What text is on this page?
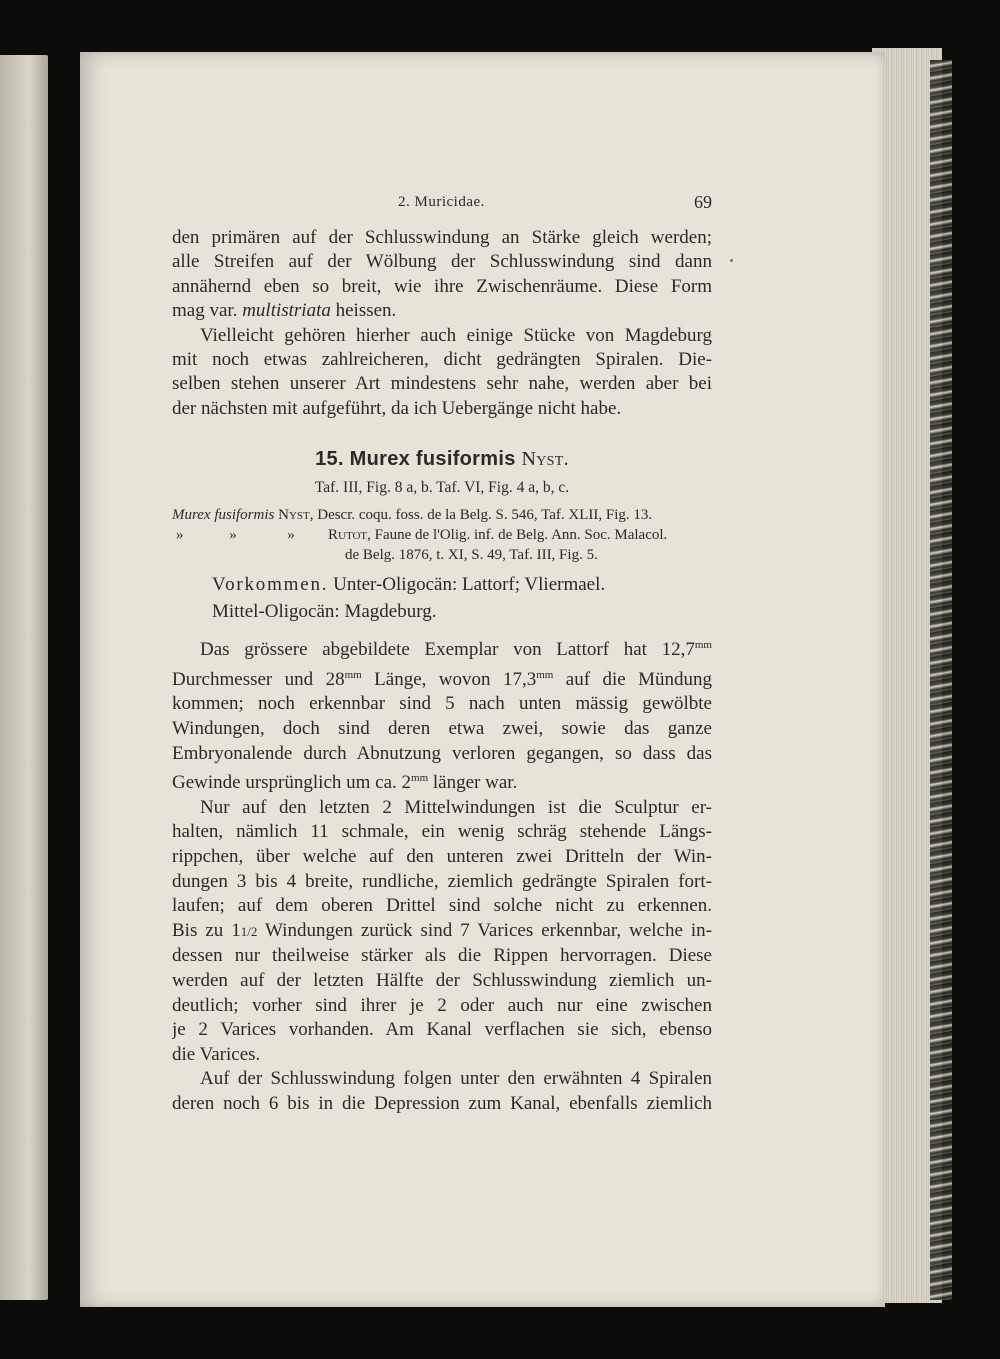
2. Muricidae.	69
den primären auf der Schlusswindung an Stärke gleich werden;
alle Streifen auf der Wölbung der Schlusswindung sind dann
annähernd eben so breit, wie ihre Zwischenräume. Diese Form
mag var. multistriata heissen.
Vielleicht gehören hierher auch einige Stücke von Magdeburg
mit noch etwas zahlreicheren, dicht gedrängten Spiralen. Die-
selben stehen unserer Art mindestens sehr nahe, werden aber bei
der nächsten mit aufgeführt, da ich Uebergänge nicht habe.
15. Murex fusiformis Nyst.
Taf. III, Fig. 8 a, b. Taf. VI, Fig. 4 a, b, c.
Murex fusiformis Nyst, Descr. coqu. foss. de la Belg. S. 546, Taf. XLII, Fig. 13.
»	»	»	Rutot, Faune de l'Olig. inf. de Belg. Ann. Soc. Malacol.
de Belg. 1876, t. XI, S. 49, Taf. III, Fig. 5.
Vorkommen. Unter-Oligocän: Lattorf; Vliermael.
Mittel-Oligocän: Magdeburg.
Das grössere abgebildete Exemplar von Lattorf hat $12,7^{mm}$
Durchmesser und $28^{mm}$ Länge, wovon $17,3^{mm}$ auf die Mündung
kommen; noch erkennbar sind 5 nach unten mässig gewölbte
Windungen, doch sind deren etwa zwei, sowie das ganze
Embryonalende durch Abnutzung verloren gegangen, so dass das
Gewinde ursprünglich um ca. $2^{mm}$ länger war.
Nur auf den letzten 2 Mittelwindungen ist die Sculptur er-
halten, nämlich 11 schmale, ein wenig schräg stehende Längs-
rippchen, über welche auf den unteren zwei Dritteln der Win-
dungen 3 bis 4 breite, rundliche, ziemlich gedrängte Spiralen fort-
laufen; auf dem oberen Drittel sind solche nicht zu erkennen.
Bis zu 11/2 Windungen zurück sind 7 Varices erkennbar, welche in-
dessen nur theilweise stärker als die Rippen hervorragen. Diese
werden auf der letzten Hälfte der Schlusswindung ziemlich un-
deutlich; vorher sind ihrer je 2 oder auch nur eine zwischen
je 2 Varices vorhanden. Am Kanal verflachen sie sich, ebenso
die Varices.
Auf der Schlusswindung folgen unter den erwähnten 4 Spiralen
deren noch 6 bis in die Depression zum Kanal, ebenfalls ziemlich
